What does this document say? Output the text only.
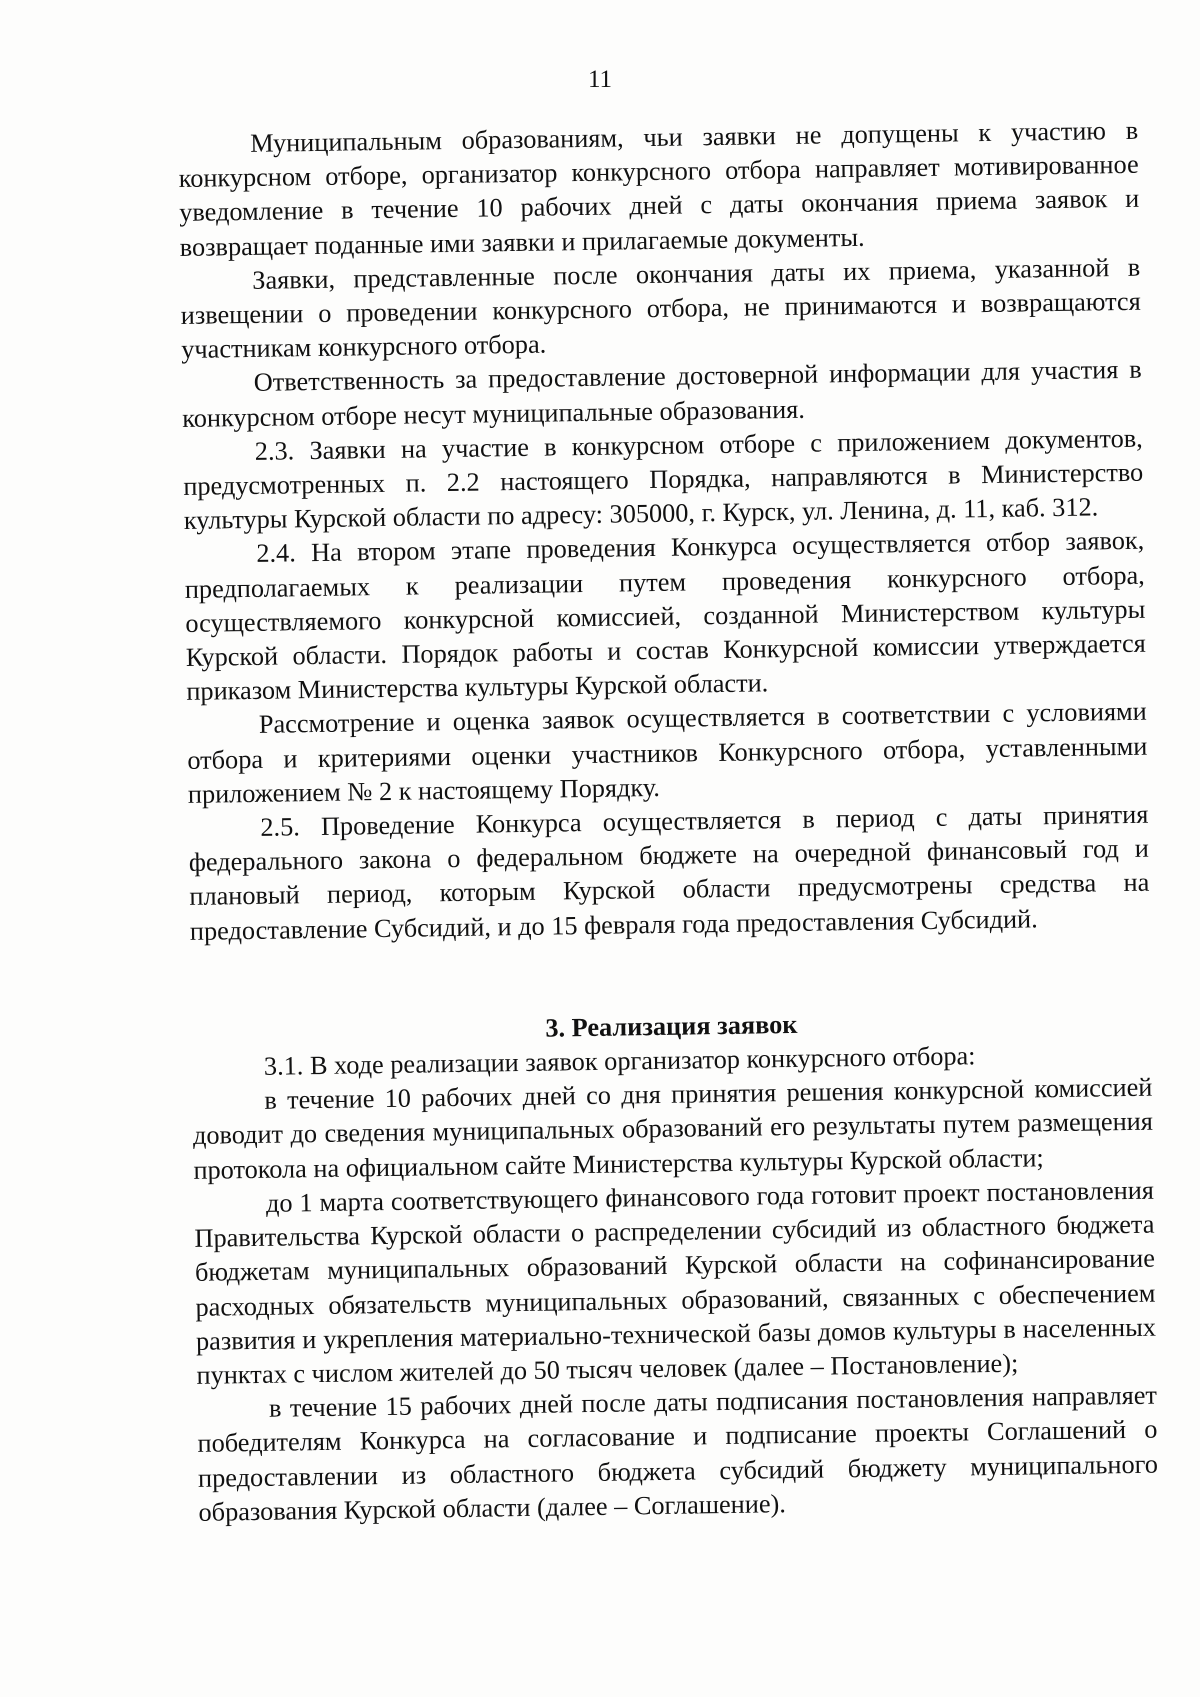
11

Муниципальным образованиям, чьи заявки не допущены к участию в конкурсном отборе, организатор конкурсного отбора направляет мотивированное уведомление в течение 10 рабочих дней с даты окончания приема заявок и возвращает поданные ими заявки и прилагаемые документы.

Заявки, представленные после окончания даты их приема, указанной в извещении о проведении конкурсного отбора, не принимаются и возвращаются участникам конкурсного отбора.

Ответственность за предоставление достоверной информации для участия в конкурсном отборе несут муниципальные образования.

2.3. Заявки на участие в конкурсном отборе с приложением документов, предусмотренных п. 2.2 настоящего Порядка, направляются в Министерство культуры Курской области по адресу: 305000, г. Курск, ул. Ленина, д. 11, каб. 312.

2.4. На втором этапе проведения Конкурса осуществляется отбор заявок, предполагаемых к реализации путем проведения конкурсного отбора, осуществляемого конкурсной комиссией, созданной Министерством культуры Курской области. Порядок работы и состав Конкурсной комиссии утверждается приказом Министерства культуры Курской области.

Рассмотрение и оценка заявок осуществляется в соответствии с условиями отбора и критериями оценки участников Конкурсного отбора, уставленными приложением № 2 к настоящему Порядку.

2.5. Проведение Конкурса осуществляется в период с даты принятия федерального закона о федеральном бюджете на очередной финансовый год и плановый период, которым Курской области предусмотрены средства на предоставление Субсидий, и до 15 февраля года предоставления Субсидий.

3. Реализация заявок

3.1. В ходе реализации заявок организатор конкурсного отбора:

в течение 10 рабочих дней со дня принятия решения конкурсной комиссией доводит до сведения муниципальных образований его результаты путем размещения протокола на официальном сайте Министерства культуры Курской области;

до 1 марта соответствующего финансового года готовит проект постановления Правительства Курской области о распределении субсидий из областного бюджета бюджетам муниципальных образований Курской области на софинансирование расходных обязательств муниципальных образований, связанных с обеспечением развития и укрепления материально-технической базы домов культуры в населенных пунктах с числом жителей до 50 тысяч человек (далее – Постановление);

в течение 15 рабочих дней после даты подписания постановления направляет победителям Конкурса на согласование и подписание проекты Соглашений о предоставлении из областного бюджета субсидий бюджету муниципального образования Курской области (далее – Соглашение).
